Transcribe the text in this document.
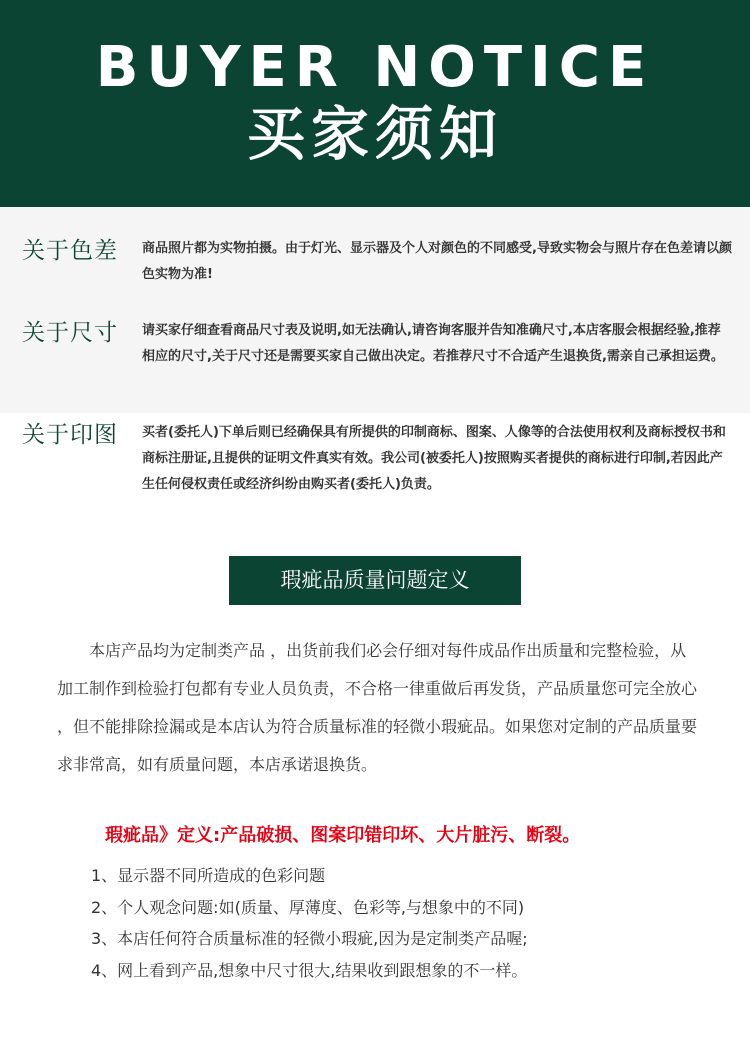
BUYER NOTICE
买家须知
关于色差 商品照片都为实物拍摄。由于灯光、显示器及个人对颜色的不同感受,导致实物会与照片存在色差请以颜色实物为准!
关于尺寸 请买家仔细查看商品尺寸表及说明,如无法确认,请咨询客服并告知准确尺寸,本店客服会根据经验,推荐相应的尺寸,关于尺寸还是需要买家自己做出决定。若推荐尺寸不合适产生退换货,需亲自己承担运费。
关于印图 买者(委托人)下单后则已经确保具有所提供的印制商标、图案、人像等的合法使用权利及商标授权书和商标注册证,且提供的证明文件真实有效。我公司(被委托人)按照购买者提供的商标进行印制,若因此产生任何侵权责任或经济纠纷由购买者(委托人)负责。
瑕疵品质量问题定义

本店产品均为定制类产品 ，出货前我们必会仔细对每件成品作出质量和完整检验，从加工制作到检验打包都有专业人员负责，不合格一律重做后再发货，产品质量您可完全放心 ，但不能排除捡漏或是本店认为符合质量标准的轻微小瑕疵品。如果您对定制的产品质量要求非常高，如有质量问题，本店承诺退换货。

瑕疵品》定义:产品破损、图案印错印坏、大片脏污、断裂。
1、显示器不同所造成的色彩问题
2、个人观念问题:如(质量、厚薄度、色彩等,与想象中的不同)
3、本店任何符合质量标准的轻微小瑕疵,因为是定制类产品喔;
4、网上看到产品,想象中尺寸很大,结果收到跟想象的不一样。
